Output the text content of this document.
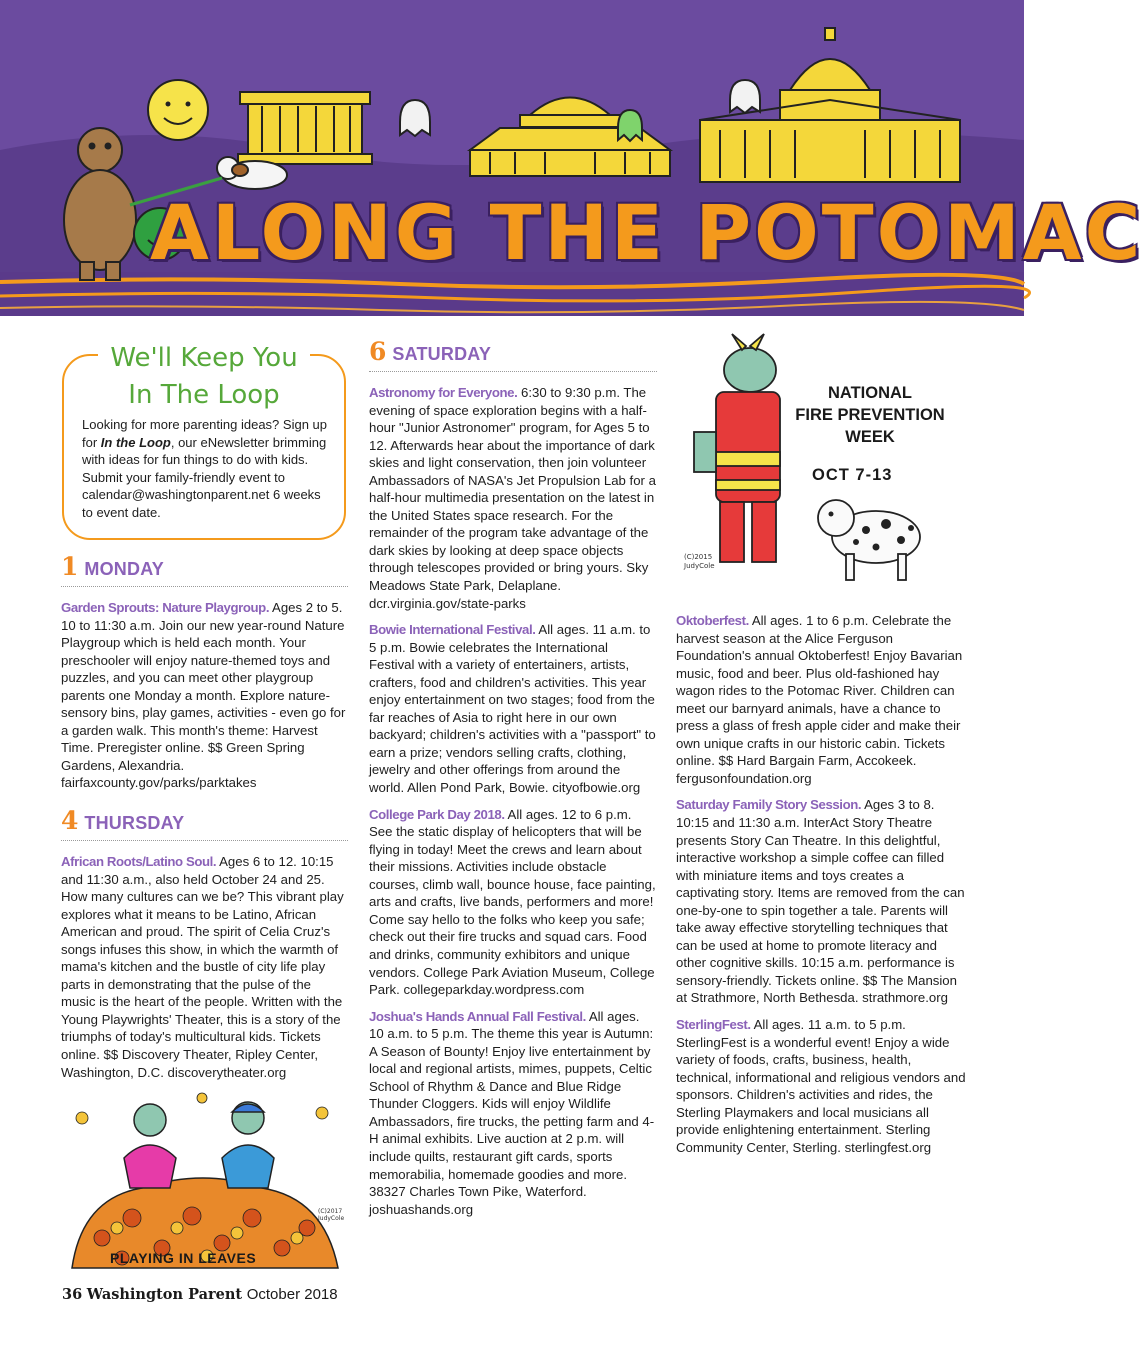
ALONG THE POTOMAC
We'll Keep You
In The Loop
Looking for more parenting ideas? Sign up for In the Loop, our eNewsletter brimming with ideas for fun things to do with kids. Submit your family-friendly event to calendar@washingtonparent.net 6 weeks to event date.
1 MONDAY
Garden Sprouts: Nature Playgroup. Ages 2 to 5. 10 to 11:30 a.m. Join our new year-round Nature Playgroup which is held each month. Your preschooler will enjoy nature-themed toys and puzzles, and you can meet other playgroup parents one Monday a month. Explore nature-sensory bins, play games, activities - even go for a garden walk. This month's theme: Harvest Time. Preregister online. $$ Green Spring Gardens, Alexandria. fairfaxcounty.gov/parks/parktakes
4 THURSDAY
African Roots/Latino Soul. Ages 6 to 12. 10:15 and 11:30 a.m., also held October 24 and 25. How many cultures can we be? This vibrant play explores what it means to be Latino, African American and proud. The spirit of Celia Cruz's songs infuses this show, in which the warmth of mama's kitchen and the bustle of city life play parts in demonstrating that the pulse of the music is the heart of the people. Written with the Young Playwrights' Theater, this is a story of the triumphs of today's multicultural kids. Tickets online. $$ Discovery Theater, Ripley Center, Washington, D.C. discoverytheater.org
PLAYING IN LEAVES
(C)2017
JudyCole
6 SATURDAY
Astronomy for Everyone. 6:30 to 9:30 p.m. The evening of space exploration begins with a half-hour "Junior Astronomer" program, for Ages 5 to 12. Afterwards hear about the importance of dark skies and light conservation, then join volunteer Ambassadors of NASA's Jet Propulsion Lab for a half-hour multimedia presentation on the latest in the United States space research. For the remainder of the program take advantage of the dark skies by looking at deep space objects through telescopes provided or bring yours. Sky Meadows State Park, Delaplane. dcr.virginia.gov/state-parks
Bowie International Festival. All ages. 11 a.m. to 5 p.m. Bowie celebrates the International Festival with a variety of entertainers, artists, crafters, food and children's activities. This year enjoy entertainment on two stages; food from the far reaches of Asia to right here in our own backyard; children's activities with a "passport" to earn a prize; vendors selling crafts, clothing, jewelry and other offerings from around the world. Allen Pond Park, Bowie. cityofbowie.org
College Park Day 2018. All ages. 12 to 6 p.m. See the static display of helicopters that will be flying in today! Meet the crews and learn about their missions. Activities include obstacle courses, climb wall, bounce house, face painting, arts and crafts, live bands, performers and more! Come say hello to the folks who keep you safe; check out their fire trucks and squad cars. Food and drinks, community exhibitors and unique vendors. College Park Aviation Museum, College Park. collegeparkday.wordpress.com
Joshua's Hands Annual Fall Festival. All ages. 10 a.m. to 5 p.m. The theme this year is Autumn: A Season of Bounty! Enjoy live entertainment by local and regional artists, mimes, puppets, Celtic School of Rhythm & Dance and Blue Ridge Thunder Cloggers. Kids will enjoy Wildlife Ambassadors, fire trucks, the petting farm and 4-H animal exhibits. Live auction at 2 p.m. will include quilts, restaurant gift cards, sports memorabilia, homemade goodies and more. 38327 Charles Town Pike, Waterford. joshuashands.org
NATIONAL
FIRE PREVENTION
WEEK
OCT 7-13
(C)2015
JudyCole
Oktoberfest. All ages. 1 to 6 p.m. Celebrate the harvest season at the Alice Ferguson Foundation's annual Oktoberfest! Enjoy Bavarian music, food and beer. Plus old-fashioned hay wagon rides to the Potomac River. Children can meet our barnyard animals, have a chance to press a glass of fresh apple cider and make their own unique crafts in our historic cabin. Tickets online. $$ Hard Bargain Farm, Accokeek. fergusonfoundation.org
Saturday Family Story Session. Ages 3 to 8. 10:15 and 11:30 a.m. InterAct Story Theatre presents Story Can Theatre. In this delightful, interactive workshop a simple coffee can filled with miniature items and toys creates a captivating story. Items are removed from the can one-by-one to spin together a tale. Parents will take away effective storytelling techniques that can be used at home to promote literacy and other cognitive skills. 10:15 a.m. performance is sensory-friendly. Tickets online. $$ The Mansion at Strathmore, North Bethesda. strathmore.org
SterlingFest. All ages. 11 a.m. to 5 p.m. SterlingFest is a wonderful event! Enjoy a wide variety of foods, crafts, business, health, technical, informational and religious vendors and sponsors. Children's activities and rides, the Sterling Playmakers and local musicians all provide enlightening entertainment. Sterling Community Center, Sterling. sterlingfest.org
36 Washington Parent October 2018
